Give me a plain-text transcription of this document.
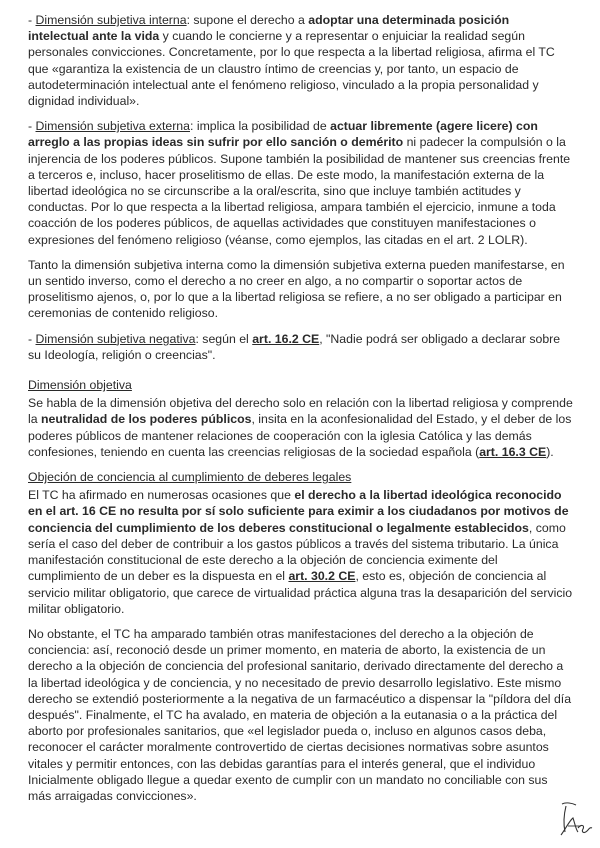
- Dimensión subjetiva interna: supone el derecho a adoptar una determinada posición intelectual ante la vida y cuando le concierne y a representar o enjuiciar la realidad según personales convicciones. Concretamente, por lo que respecta a la libertad religiosa, afirma el TC que «garantiza la existencia de un claustro íntimo de creencias y, por tanto, un espacio de autodeterminación intelectual ante el fenómeno religioso, vinculado a la propia personalidad y dignidad individual».

- Dimensión subjetiva externa: implica la posibilidad de actuar libremente (agere licere) con arreglo a las propias ideas sin sufrir por ello sanción o demérito ni padecer la compulsión o la injerencia de los poderes públicos. Supone también la posibilidad de mantener sus creencias frente a terceros e, incluso, hacer proselitismo de ellas. De este modo, la manifestación externa de la libertad ideológica no se circunscribe a la oral/escrita, sino que incluye también actitudes y conductas. Por lo que respecta a la libertad religiosa, ampara también el ejercicio, inmune a toda coacción de los poderes públicos, de aquellas actividades que constituyen manifestaciones o expresiones del fenómeno religioso (véanse, como ejemplos, las citadas en el art. 2 LOLR).

Tanto la dimensión subjetiva interna como la dimensión subjetiva externa pueden manifestarse, en un sentido inverso, como el derecho a no creer en algo, a no compartir o soportar actos de proselitismo ajenos, o, por lo que a la libertad religiosa se refiere, a no ser obligado a participar en ceremonias de contenido religioso.

- Dimensión subjetiva negativa: según el art. 16.2 CE, "Nadie podrá ser obligado a declarar sobre su Ideología, religión o creencias".

Dimensión objetiva

Se habla de la dimensión objetiva del derecho solo en relación con la libertad religiosa y comprende la neutralidad de los poderes públicos, insita en la aconfesionalidad del Estado, y el deber de los poderes públicos de mantener relaciones de cooperación con la iglesia Católica y las demás confesiones, teniendo en cuenta las creencias religiosas de la sociedad española (art. 16.3 CE).

Objeción de conciencia al cumplimiento de deberes legales

El TC ha afirmado en numerosas ocasiones que el derecho a la libertad ideológica reconocido en el art. 16 CE no resulta por sí solo suficiente para eximir a los ciudadanos por motivos de conciencia del cumplimiento de los deberes constitucional o legalmente establecidos, como sería el caso del deber de contribuir a los gastos públicos a través del sistema tributario. La única manifestación constitucional de este derecho a la objeción de conciencia eximente del cumplimiento de un deber es la dispuesta en el art. 30.2 CE, esto es, objeción de conciencia al servicio militar obligatorio, que carece de virtualidad práctica alguna tras la desaparición del servicio militar obligatorio.

No obstante, el TC ha amparado también otras manifestaciones del derecho a la objeción de conciencia: así, reconoció desde un primer momento, en materia de aborto, la existencia de un derecho a la objeción de conciencia del profesional sanitario, derivado directamente del derecho a la libertad ideológica y de conciencia, y no necesitado de previo desarrollo legislativo. Este mismo derecho se extendió posteriormente a la negativa de un farmacéutico a dispensar la "píldora del día después". Finalmente, el TC ha avalado, en materia de objeción a la eutanasia o a la práctica del aborto por profesionales sanitarios, que «el legislador pueda o, incluso en algunos casos deba, reconocer el carácter moralmente controvertido de ciertas decisiones normativas sobre asuntos vitales y permitir entonces, con las debidas garantías para el interés general, que el individuo Inicialmente obligado llegue a quedar exento de cumplir con un mandato no conciliable con sus más arraigadas convicciones».
